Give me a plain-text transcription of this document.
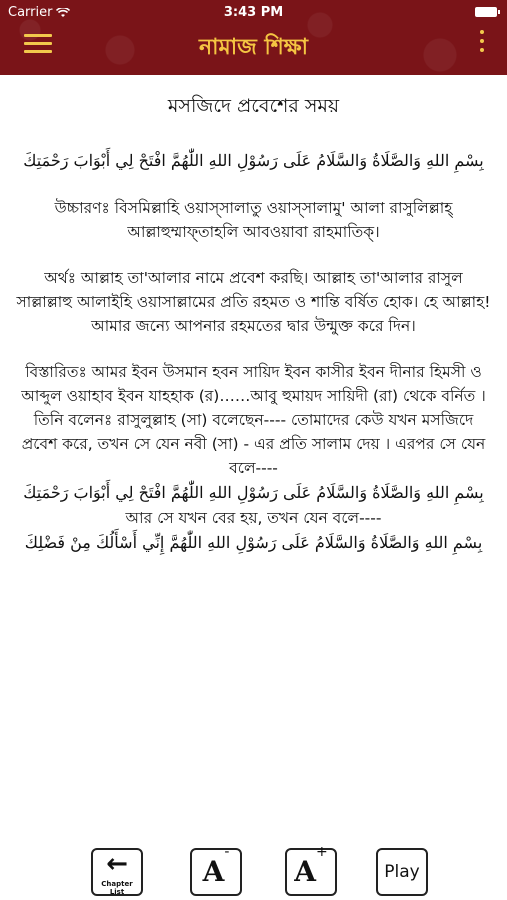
Carrier	3:43 PM
নামাজ শিক্ষা

মসজিদে প্রবেশের সময়

بِسْمِ اللهِ وَالصَّلَاةُ وَالسَّلَامُ عَلَى رَسُوْلِ اللهِ اللّٰهُمَّ افْتَحْ لِي أَبْوَابَ رَحْمَتِكَ

উচ্চারণঃ বিসমিল্লাহি ওয়াস্সালাতু ওয়াস্সালামু' আলা রাসুলিল্লাহ্ আল্লাহুম্মাফ্‌তাহলি আবওয়াবা রাহমাতিক্‌।

অর্থঃ আল্লাহ তা'আলার নামে প্রবেশ করছি। আল্লাহ তা'আলার রাসুল সাল্লাল্লাহু আলাইহি ওয়াসাল্লামের প্রতি রহমত ও শান্তি বর্ষিত হোক। হে আল্লাহ! আমার জন্যে আপনার রহমতের দ্বার উন্মুক্ত করে দিন।

বিস্তারিতঃ আমর ইবন উসমান হবন সায়িদ ইবন কাসীর ইবন দীনার হিমসী ও আব্দুল ওয়াহাব ইবন যাহহাক (র)……আবু হুমায়দ সায়িদী (রা) থেকে বর্নিত । তিনি বলেনঃ রাসুলুল্লাহ (সা) বলেছেন---- তোমাদের কেউ যখন মসজিদে প্রবেশ করে, তখন সে যেন নবী (সা) - এর প্রতি সালাম দেয় । এরপর সে যেন বলে----

بِسْمِ اللهِ وَالصَّلَاةُ وَالسَّلَامُ عَلَى رَسُوْلِ اللهِ اللّٰهُمَّ افْتَحْ لِي أَبْوَابَ رَحْمَتِكَ

আর সে যখন বের হয়, তখন যেন বলে----

بِسْمِ اللهِ وَالصَّلَاةُ وَالسَّلَامُ عَلَى رَسُوْلِ اللهِ اللّٰهُمَّ إِنِّي أَسْأَلُكَ مِنْ فَضْلِكَ

←
Chapter List
A-
A+
Play
